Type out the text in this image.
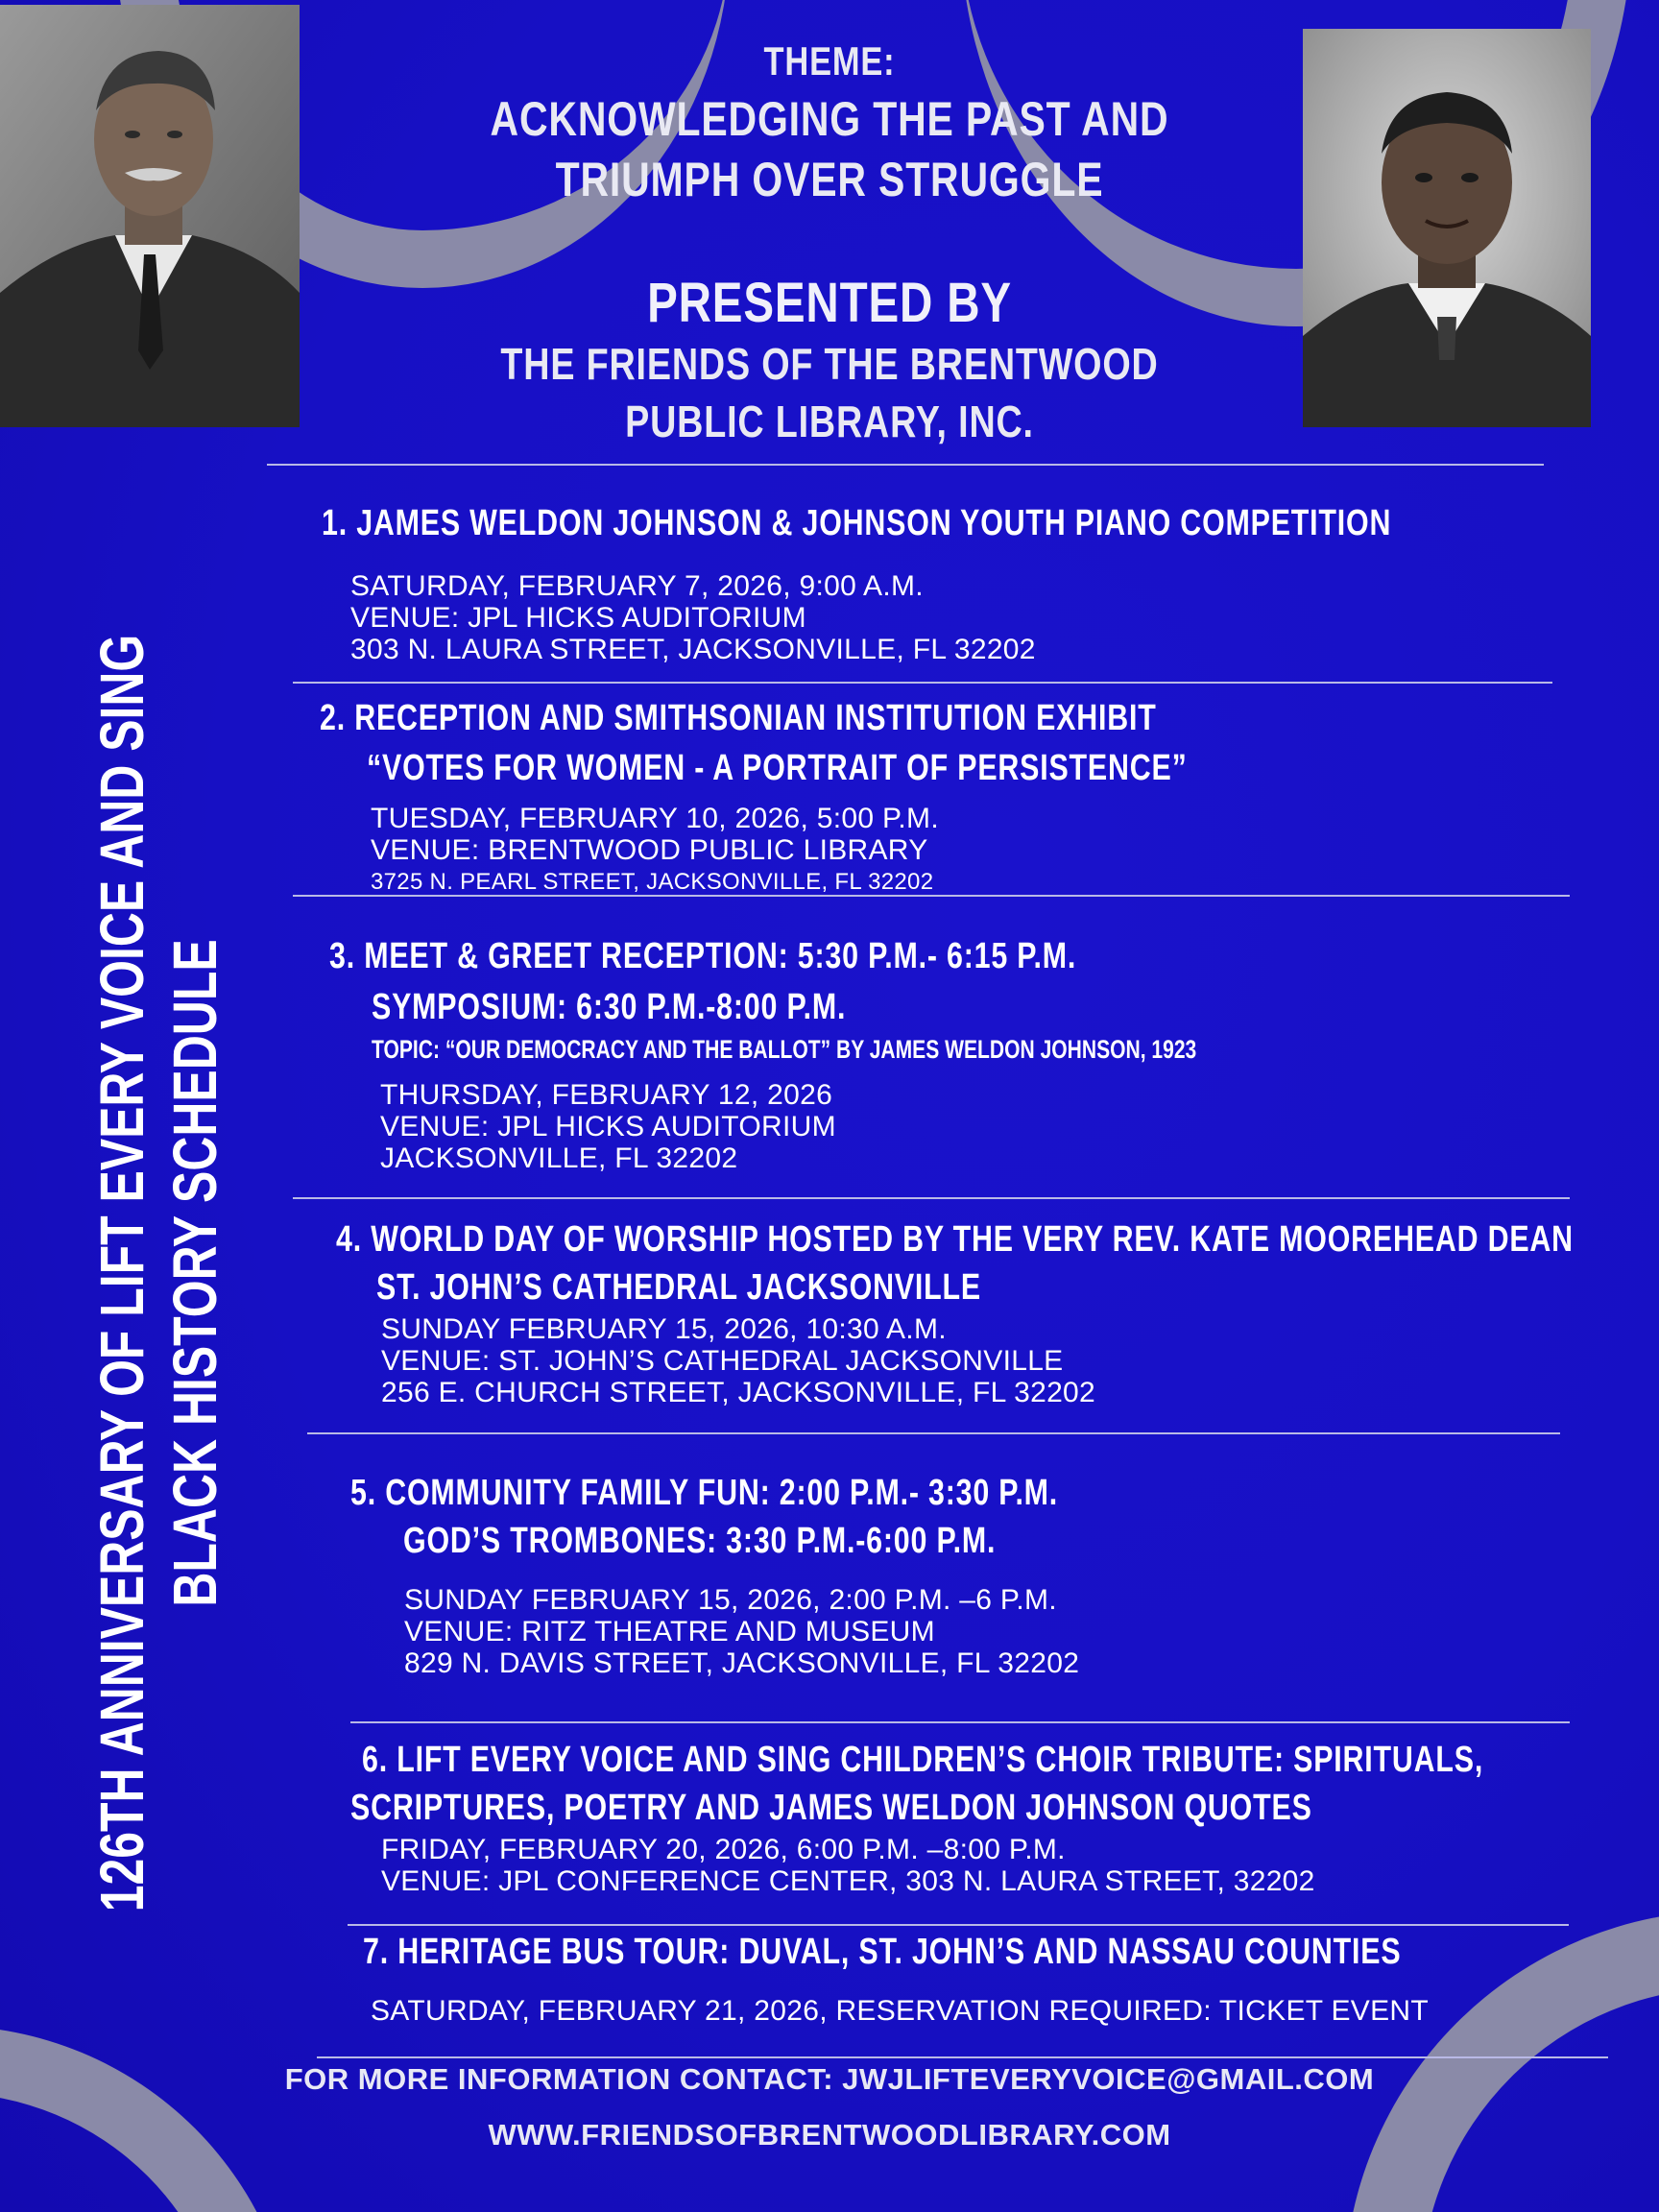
THEME:
ACKNOWLEDGING THE PAST AND
TRIUMPH OVER STRUGGLE
PRESENTED BY
THE FRIENDS OF THE BRENTWOOD
PUBLIC LIBRARY, INC.
126TH ANNIVERSARY OF LIFT EVERY VOICE AND SING BLACK HISTORY SCHEDULE
1. JAMES WELDON JOHNSON & JOHNSON YOUTH PIANO COMPETITION
SATURDAY, FEBRUARY 7, 2026, 9:00 A.M.
VENUE: JPL HICKS AUDITORIUM
303 N. LAURA STREET, JACKSONVILLE, FL 32202
2. RECEPTION AND SMITHSONIAN INSTITUTION EXHIBIT
“VOTES FOR WOMEN - A PORTRAIT OF PERSISTENCE”
TUESDAY, FEBRUARY 10, 2026, 5:00 P.M.
VENUE: BRENTWOOD PUBLIC LIBRARY
3725 N. PEARL STREET, JACKSONVILLE, FL 32202
3. MEET & GREET RECEPTION: 5:30 P.M.- 6:15 P.M.
SYMPOSIUM: 6:30 P.M.-8:00 P.M.
TOPIC: “OUR DEMOCRACY AND THE BALLOT” BY JAMES WELDON JOHNSON, 1923
THURSDAY, FEBRUARY 12, 2026
VENUE: JPL HICKS AUDITORIUM
JACKSONVILLE, FL 32202
4. WORLD DAY OF WORSHIP HOSTED BY THE VERY REV. KATE MOOREHEAD DEAN
ST. JOHN’S CATHEDRAL JACKSONVILLE
SUNDAY FEBRUARY 15, 2026, 10:30 A.M.
VENUE: ST. JOHN’S CATHEDRAL JACKSONVILLE
256 E. CHURCH STREET, JACKSONVILLE, FL 32202
5. COMMUNITY FAMILY FUN: 2:00 P.M.- 3:30 P.M.
GOD’S TROMBONES: 3:30 P.M.-6:00 P.M.
SUNDAY FEBRUARY 15, 2026, 2:00 P.M. –6 P.M.
VENUE: RITZ THEATRE AND MUSEUM
829 N. DAVIS STREET, JACKSONVILLE, FL 32202
6. LIFT EVERY VOICE AND SING CHILDREN’S CHOIR TRIBUTE: SPIRITUALS,
SCRIPTURES, POETRY AND JAMES WELDON JOHNSON QUOTES
FRIDAY, FEBRUARY 20, 2026, 6:00 P.M. –8:00 P.M.
VENUE: JPL CONFERENCE CENTER, 303 N. LAURA STREET, 32202
7. HERITAGE BUS TOUR: DUVAL, ST. JOHN’S AND NASSAU COUNTIES
SATURDAY, FEBRUARY 21, 2026, RESERVATION REQUIRED: TICKET EVENT
FOR MORE INFORMATION CONTACT: JWJLIFTEVERYVOICE@GMAIL.COM
WWW.FRIENDSOFBRENTWOODLIBRARY.COM
